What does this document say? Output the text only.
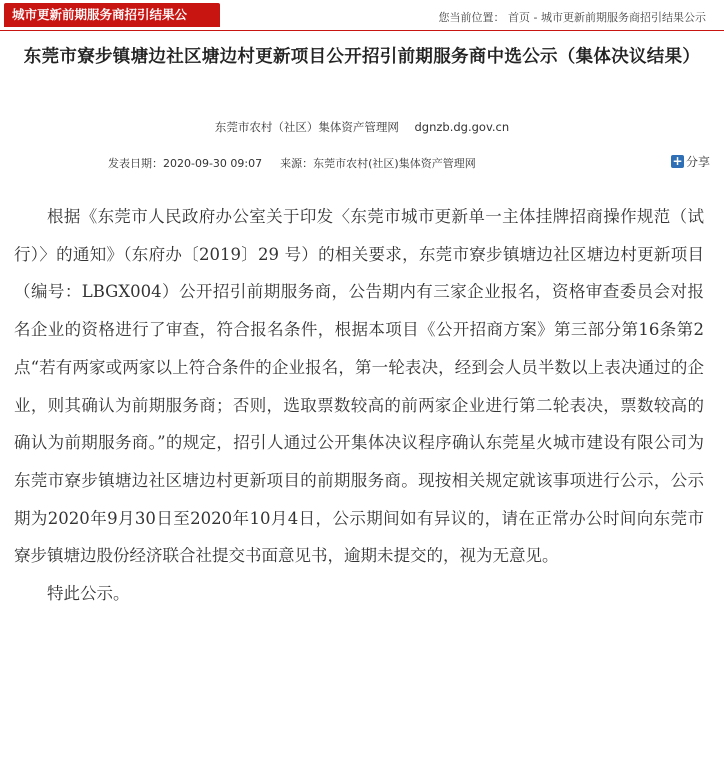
城市更新前期服务商招引结果公	您当前位置： 首页 - 城市更新前期服务商招引结果公示
东莞市寮步镇塘边社区塘边村更新项目公开招引前期服务商中选公示（集体决议结果）
东莞市农村（社区）集体资产管理网 dgnzb.dg.gov.cn
发表日期：2020-09-30 09:07 来源：东莞市农村(社区)集体资产管理网	+ 分享

根据《东莞市人民政府办公室关于印发〈东莞市城市更新单一主体挂牌招商操作规范（试行）〉的通知》（东府办〔2019〕29 号）的相关要求，东莞市寮步镇塘边社区塘边村更新项目（编号：LBGX004）公开招引前期服务商，公告期内有三家企业报名，资格审查委员会对报名企业的资格进行了审查，符合报名条件，根据本项目《公开招商方案》第三部分第16条第2点“若有两家或两家以上符合条件的企业报名，第一轮表决，经到会人员半数以上表决通过的企业，则其确认为前期服务商；否则，选取票数较高的前两家企业进行第二轮表决，票数较高的确认为前期服务商。”的规定，招引人通过公开集体决议程序确认东莞星火城市建设有限公司为东莞市寮步镇塘边社区塘边村更新项目的前期服务商。现按相关规定就该事项进行公示，公示期为2020年9月30日至2020年10月4日，公示期间如有异议的，请在正常办公时间向东莞市寮步镇塘边股份经济联合社提交书面意见书，逾期未提交的，视为无意见。

特此公示。
